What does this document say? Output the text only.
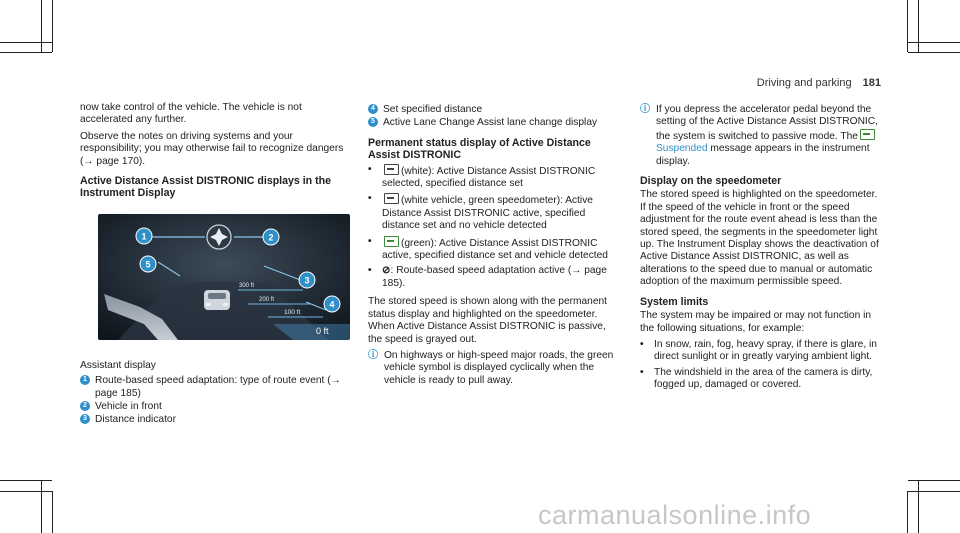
Driving and parking 181

now take control of the vehicle. The vehicle is not accelerated any further.

Observe the notes on driving systems and your responsibility; you may otherwise fail to recognize dangers (→ page 170).

Active Distance Assist DISTRONIC displays in the Instrument Display
300 ft
200 ft
100 ft
0 ft
1	2
3
4
5

Assistant display

1 Route-based speed adaptation: type of route event (→ page 185)
2 Vehicle in front
3 Distance indicator
4 Set specified distance
5 Active Lane Change Assist lane change display
Permanent status display of Active Distance Assist DISTRONIC
•	(white): Active Distance Assist DISTRONIC selected, specified distance set
•	(white vehicle, green speedometer): Active Distance Assist DISTRONIC active, specified distance set and no vehicle detected
•	(green): Active Distance Assist DISTRONIC active, specified distance set and vehicle detected
•	⊘: Route-based speed adaptation active (→ page 185).

The stored speed is shown along with the permanent status display and highlighted on the speedometer. When Active Distance Assist DISTRONIC is passive, the speed is grayed out.

ⓘ On highways or high-speed major roads, the green vehicle symbol is displayed cyclically when the vehicle is ready to pull away.
ⓘ If you depress the accelerator pedal beyond the setting of the Active Distance Assist DISTRONIC, the system is switched to passive mode. TheSuspended message appears in the instrument display.
Display on the speedometer

The stored speed is highlighted on the speedometer. If the speed of the vehicle in front or the speed adjustment for the route event ahead is less than the stored speed, the segments in the speedometer light up. The Instrument Display shows the deactivation of Active Distance Assist DISTRONIC, as well as alterations to the speed due to manual or automatic adoption of the maximum permissible speed.

System limits

The system may be impaired or may not function in the following situations, for example:

•	In snow, rain, fog, heavy spray, if there is glare, in direct sunlight or in greatly varying ambient light.
•	The windshield in the area of the camera is dirty, fogged up, damaged or covered.
carmanualsonline.info
